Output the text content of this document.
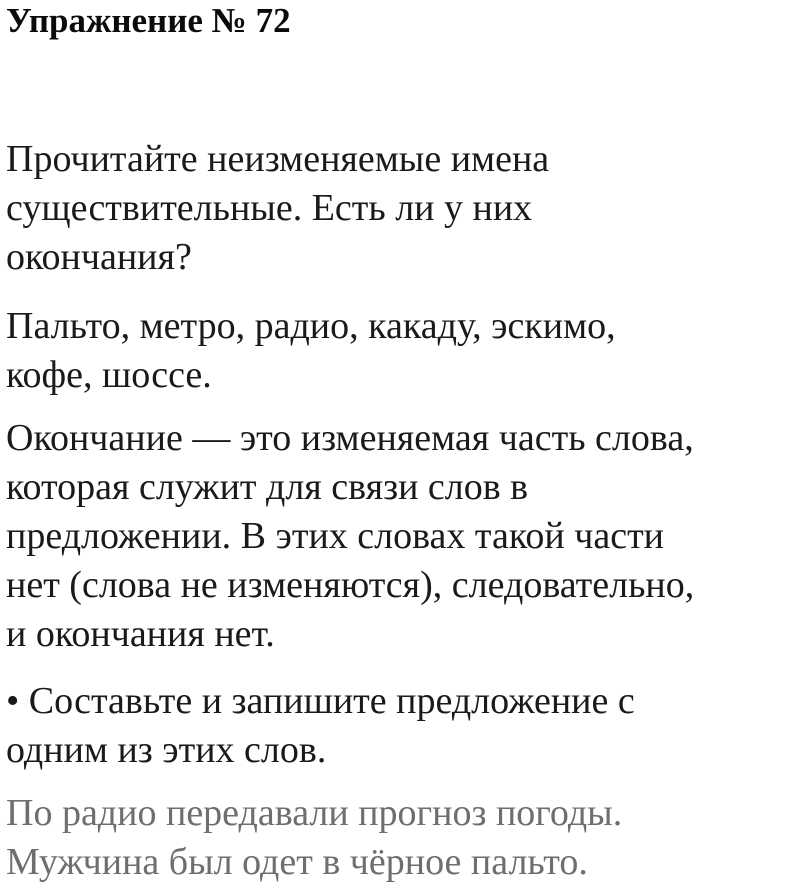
Упражнение № 72

Прочитайте неизменяемые имена
существительные. Есть ли у них
окончания?

Пальто, метро, радио, какаду, эскимо,
кофе, шоссе.

Окончание — это изменяемая часть слова,
которая служит для связи слов в
предложении. В этих словах такой части
нет (слова не изменяются), следовательно,
и окончания нет.

• Составьте и запишите предложение с
одним из этих слов.

По радио передавали прогноз погоды.
Мужчина был одет в чёрное пальто.
